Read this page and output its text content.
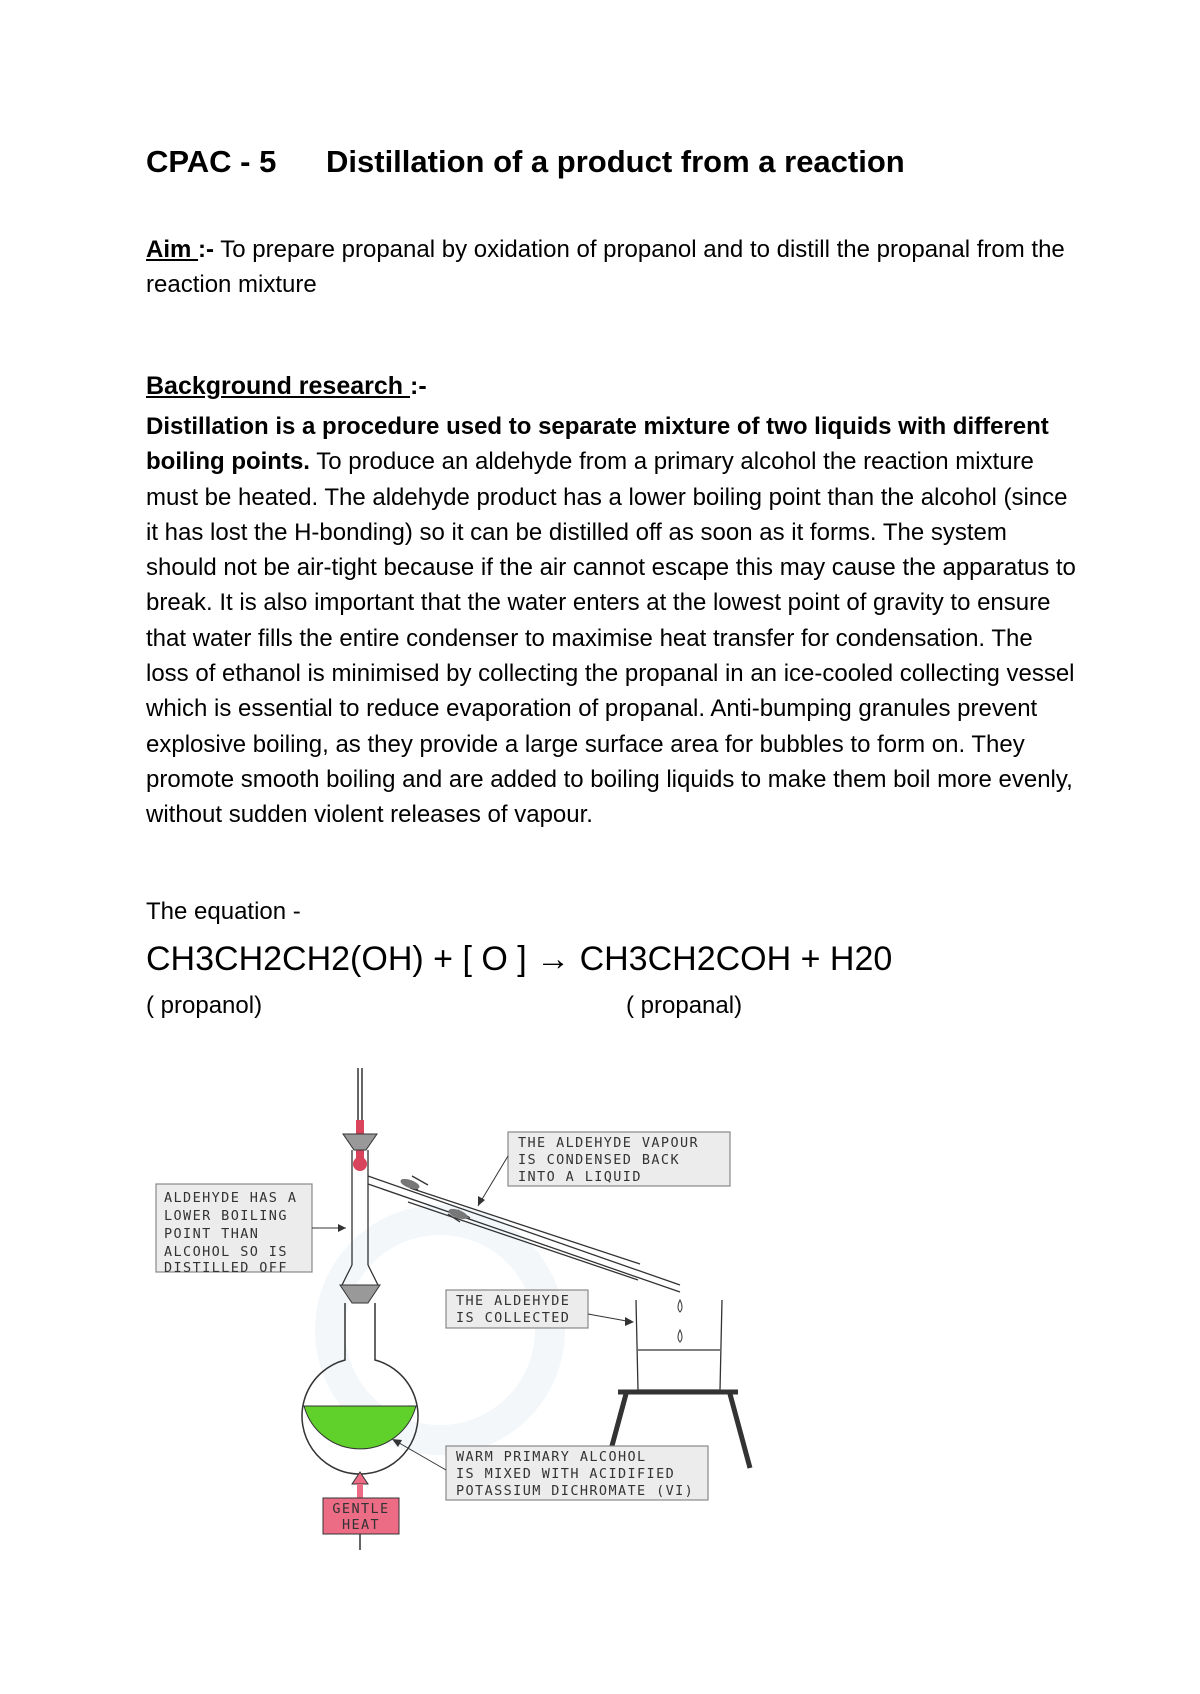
CPAC - 5 Distillation of a product from a reaction
Aim :- To prepare propanal by oxidation of propanol and to distill the propanal from the reaction mixture
Background research :-
Distillation is a procedure used to separate mixture of two liquids with different boiling points. To produce an aldehyde from a primary alcohol the reaction mixture must be heated. The aldehyde product has a lower boiling point than the alcohol (since it has lost the H-bonding) so it can be distilled off as soon as it forms. The system should not be air-tight because if the air cannot escape this may cause the apparatus to break. It is also important that the water enters at the lowest point of gravity to ensure that water fills the entire condenser to maximise heat transfer for condensation. The loss of ethanol is minimised by collecting the propanal in an ice-cooled collecting vessel which is essential to reduce evaporation of propanal. Anti-bumping granules prevent explosive boiling, as they provide a large surface area for bubbles to form on. They promote smooth boiling and are added to boiling liquids to make them boil more evenly, without sudden violent releases of vapour.
The equation -
CH3CH2CH2(OH) + [ O ] → CH3CH2COH + H20
( propanol)	( propanal)
GENTLE
HEAT
THE ALDEHYDE VAPOUR
IS CONDENSED BACK
INTO A LIQUID
ALDEHYDE HAS A
LOWER BOILING
POINT THAN
ALCOHOL SO IS
DISTILLED OFF
THE ALDEHYDE
IS COLLECTED
WARM PRIMARY ALCOHOL
IS MIXED WITH ACIDIFIED
POTASSIUM DICHROMATE (VI)
